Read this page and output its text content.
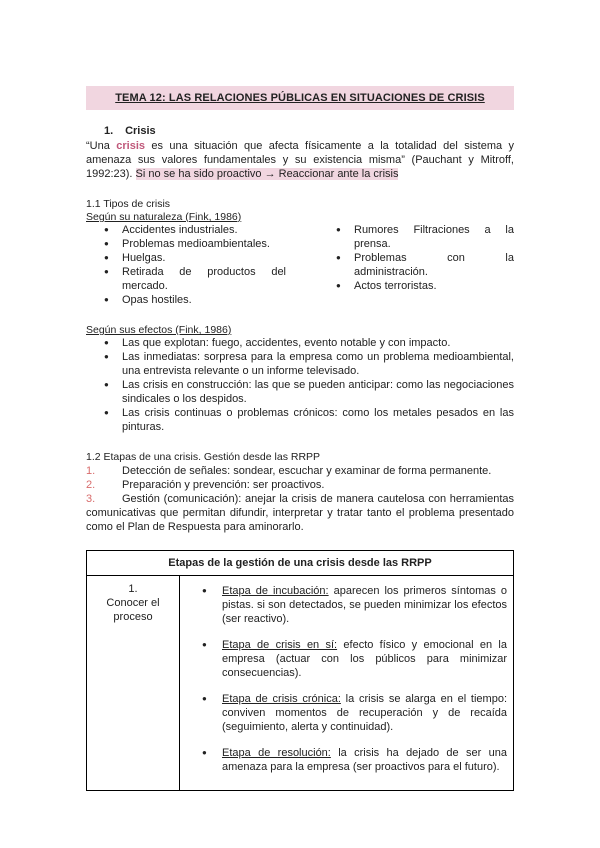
TEMA 12: LAS RELACIONES PÚBLICAS EN SITUACIONES DE CRISIS
1. Crisis
“Una crisis es una situación que afecta físicamente a la totalidad del sistema y amenaza sus valores fundamentales y su existencia misma” (Pauchant y Mitroff, 1992:23). Si no se ha sido proactivo → Reaccionar ante la crisis
1.1 Tipos de crisis
Según su naturaleza (Fink, 1986)
● Accidentes industriales.
● Problemas medioambientales.
● Huelgas.
● Retirada de productos del mercado.
● Opas hostiles.
● Rumores Filtraciones a la prensa.
● Problemas con la administración.
● Actos terroristas.
Según sus efectos (Fink, 1986)
● Las que explotan: fuego, accidentes, evento notable y con impacto.
● Las inmediatas: sorpresa para la empresa como un problema medioambiental, una entrevista relevante o un informe televisado.
● Las crisis en construcción: las que se pueden anticipar: como las negociaciones sindicales o los despidos.
● Las crisis continuas o problemas crónicos: como los metales pesados en las pinturas.
1.2 Etapas de una crisis. Gestión desde las RRPP
1. Detección de señales: sondear, escuchar y examinar de forma permanente.
2. Preparación y prevención: ser proactivos.
3. Gestión (comunicación): anejar la crisis de manera cautelosa con herramientas comunicativas que permitan difundir, interpretar y tratar tanto el problema presentado como el Plan de Respuesta para aminorarlo.
Etapas de la gestión de una crisis desde las RRPP

1.
Conocer el proceso

● Etapa de incubación: aparecen los primeros síntomas o pistas. si son detectados, se pueden minimizar los efectos (ser reactivo).
● Etapa de crisis en sí: efecto físico y emocional en la empresa (actuar con los públicos para minimizar consecuencias).
● Etapa de crisis crónica: la crisis se alarga en el tiempo: conviven momentos de recuperación y de recaída (seguimiento, alerta y continuidad).
● Etapa de resolución: la crisis ha dejado de ser una amenaza para la empresa (ser proactivos para el futuro).
